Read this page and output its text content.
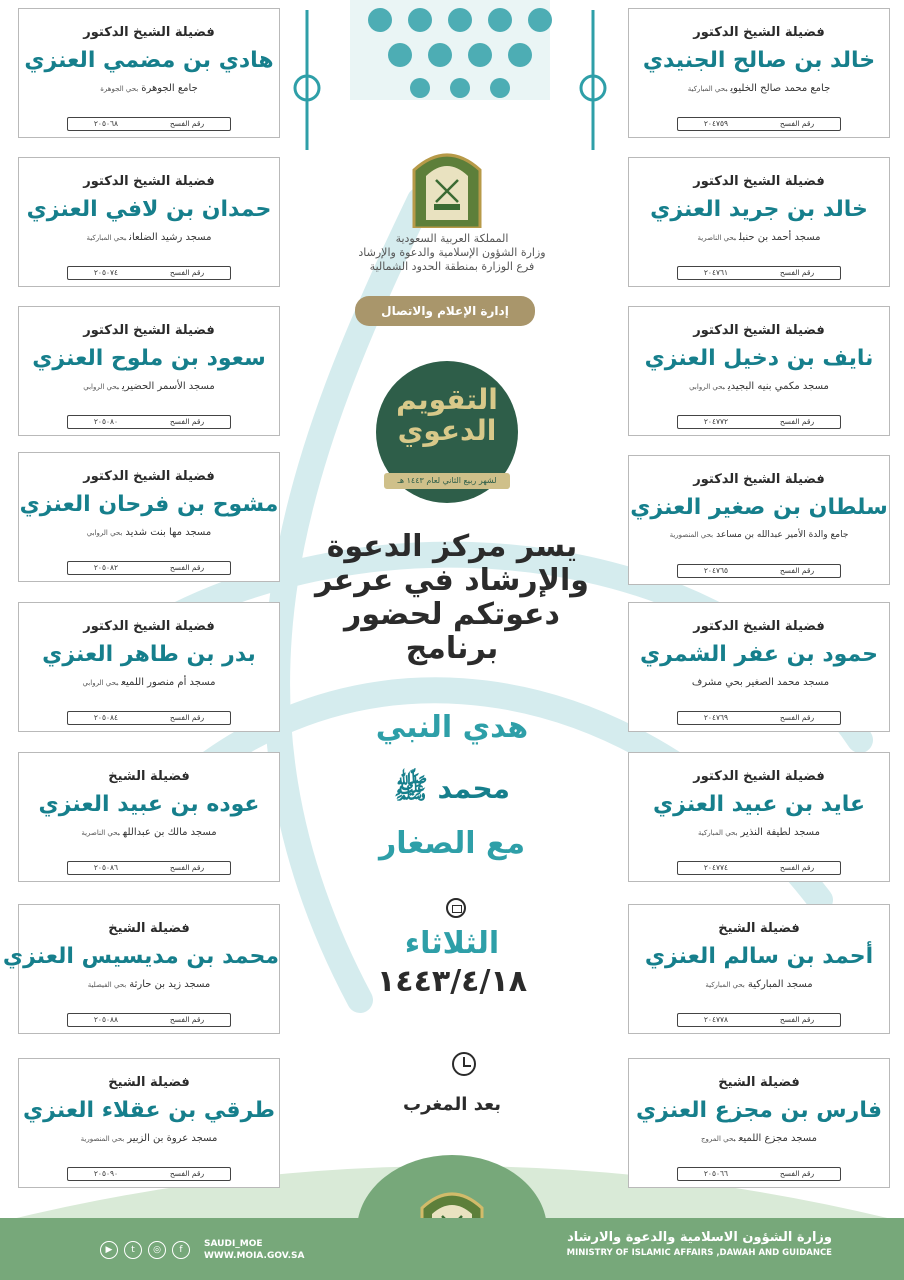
المملكة العربية السعودية
وزارة الشؤون الإسلامية والدعوة والإرشاد
فرع الوزارة بمنطقة الحدود الشمالية
إدارة الإعلام والاتصال المؤسسي
التقويم
الدعوي
لشهر ربيع الثاني لعام ١٤٤٣ هـ
يسر مركز الدعوة
والإرشاد في عرعر
دعوتكم لحضور
برنامج
هدي النبي
محمد ﷺ
مع الصغار
الثلاثاء
١٤٤٣/٤/١٨
بعد المغرب
فضيلة الشيخ الدكتور
خالد بن صالح الجنيدي
جامع محمد صالح الخليويبحي المباركية
رقم الفسح
٢٠٤٧٥٩
فضيلة الشيخ الدكتور
خالد بن جريد العنزي
مسجد أحمد بن حنبلبحي الناصرية
رقم الفسح
٢٠٤٧٦١
فضيلة الشيخ الدكتور
نايف بن دخيل العنزي
مسجد مكمي بنيه البجيديبحي الروابي
رقم الفسح
٢٠٤٧٧٢
فضيلة الشيخ الدكتور
سلطان بن صغير العنزي
جامع والدة الأمير عبدالله بن مساعدبحي المنصورية
رقم الفسح
٢٠٤٧٦٥
فضيلة الشيخ الدكتور
حمود بن عفر الشمري
مسجد محمد الصغير بحي مشرف
رقم الفسح
٢٠٤٧٦٩
فضيلة الشيخ الدكتور
عايد بن عبيد العنزي
مسجد لطيفة النذيربحي المباركية
رقم الفسح
٢٠٤٧٧٤
فضيلة الشيخ
أحمد بن سالم العنزي
مسجد المباركيةبحي المباركية
رقم الفسح
٢٠٤٧٧٨
فضيلة الشيخ
فارس بن مجزع العنزي
مسجد مجزع اللميعبحي المروج
رقم الفسح
٢٠٥٠٦٦
فضيلة الشيخ الدكتور
هادي بن مضمي العنزي
جامع الجوهرةبحي الجوهرة
رقم الفسح
٢٠٥٠٦٨
فضيلة الشيخ الدكتور
حمدان بن لافي العنزي
مسجد رشيد الضلعانبحي المباركية
رقم الفسح
٢٠٥٠٧٤
فضيلة الشيخ الدكتور
سعود بن ملوح العنزي
مسجد الأسمر الحضيريبحي الروابي
رقم الفسح
٢٠٥٠٨٠
فضيلة الشيخ الدكتور
مشوح بن فرحان العنزي
مسجد مها بنت شديدبحي الروابي
رقم الفسح
٢٠٥٠٨٢
فضيلة الشيخ الدكتور
بدر بن طاهر العنزي
مسجد أم منصور اللميعبحي الروابي
رقم الفسح
٢٠٥٠٨٤
فضيلة الشيخ
عوده بن عبيد العنزي
مسجد مالك بن عبداللهبحي الناصرية
رقم الفسح
٢٠٥٠٨٦
فضيلة الشيخ
محمد بن مديسيس العنزي
مسجد زيد بن حارثةبحي الفيصلية
رقم الفسح
٢٠٥٠٨٨
فضيلة الشيخ
طرقي بن عقلاء العنزي
مسجد عروة بن الزبيربحي المنصورية
رقم الفسح
٢٠٥٠٩٠
وزارة الشؤون الاسلامية والدعوة والارشاد
MINISTRY OF ISLAMIC AFFAIRS ,DAWAH AND GUIDANCE
▶	t	◎	f
SAUDI_MOE
WWW.MOIA.GOV.SA
